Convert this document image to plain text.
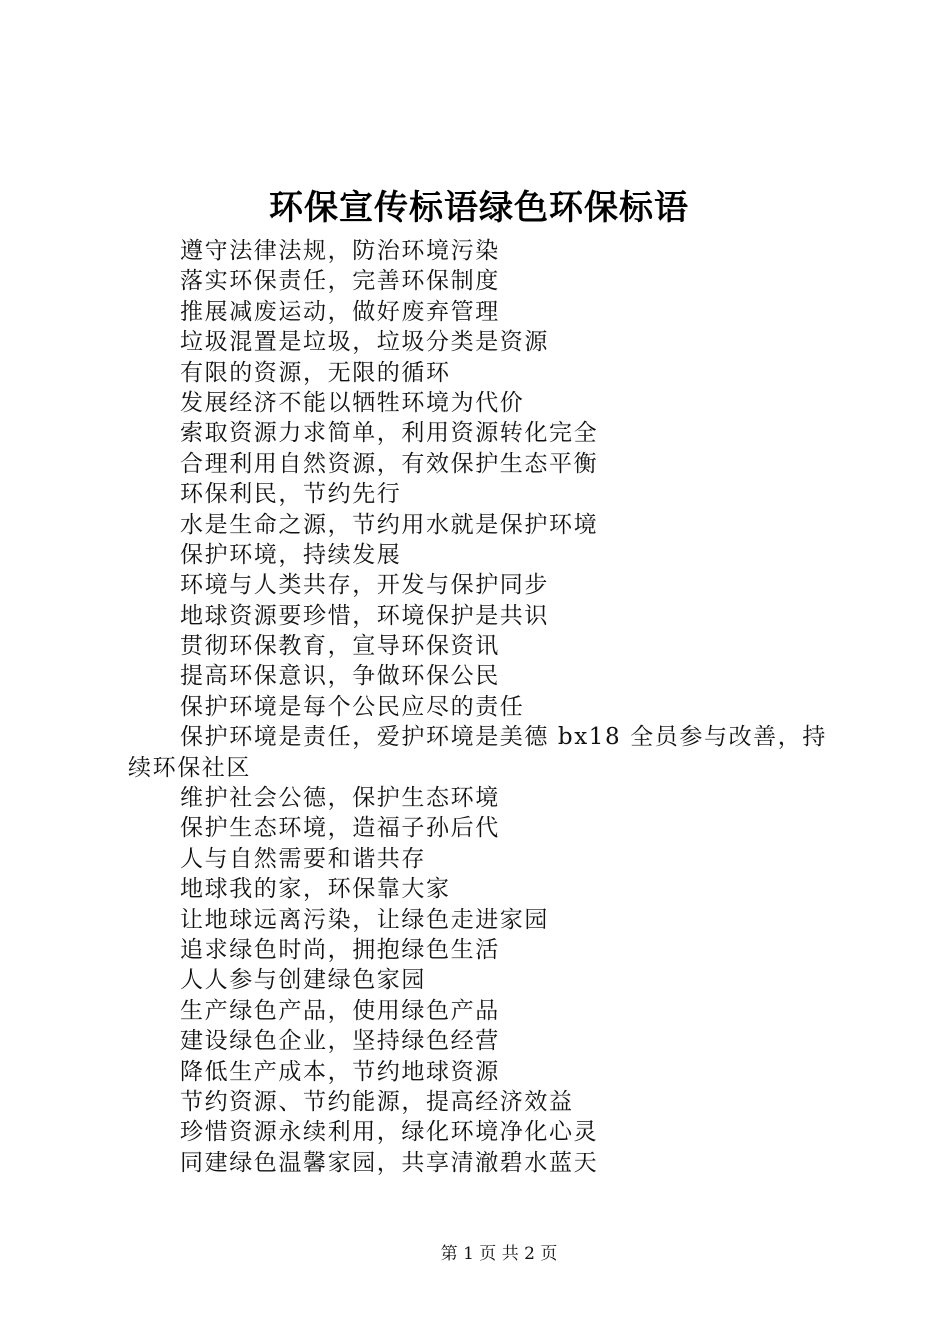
环保宣传标语绿色环保标语
遵守法律法规，防治环境污染
落实环保责任，完善环保制度
推展减废运动，做好废弃管理
垃圾混置是垃圾，垃圾分类是资源
有限的资源，无限的循环
发展经济不能以牺牲环境为代价
索取资源力求简单，利用资源转化完全
合理利用自然资源，有效保护生态平衡
环保利民，节约先行
水是生命之源，节约用水就是保护环境
保护环境，持续发展
环境与人类共存，开发与保护同步
地球资源要珍惜，环境保护是共识
贯彻环保教育，宣导环保资讯
提高环保意识，争做环保公民
保护环境是每个公民应尽的责任
保护环境是责任，爱护环境是美德 bx18 全员参与改善，持
续环保社区
维护社会公德，保护生态环境
保护生态环境，造福子孙后代
人与自然需要和谐共存
地球我的家，环保靠大家
让地球远离污染，让绿色走进家园
追求绿色时尚，拥抱绿色生活
人人参与创建绿色家园
生产绿色产品，使用绿色产品
建设绿色企业，坚持绿色经营
降低生产成本，节约地球资源
节约资源、节约能源，提高经济效益
珍惜资源永续利用，绿化环境净化心灵
同建绿色温馨家园，共享清澈碧水蓝天
第 1 页 共 2 页
